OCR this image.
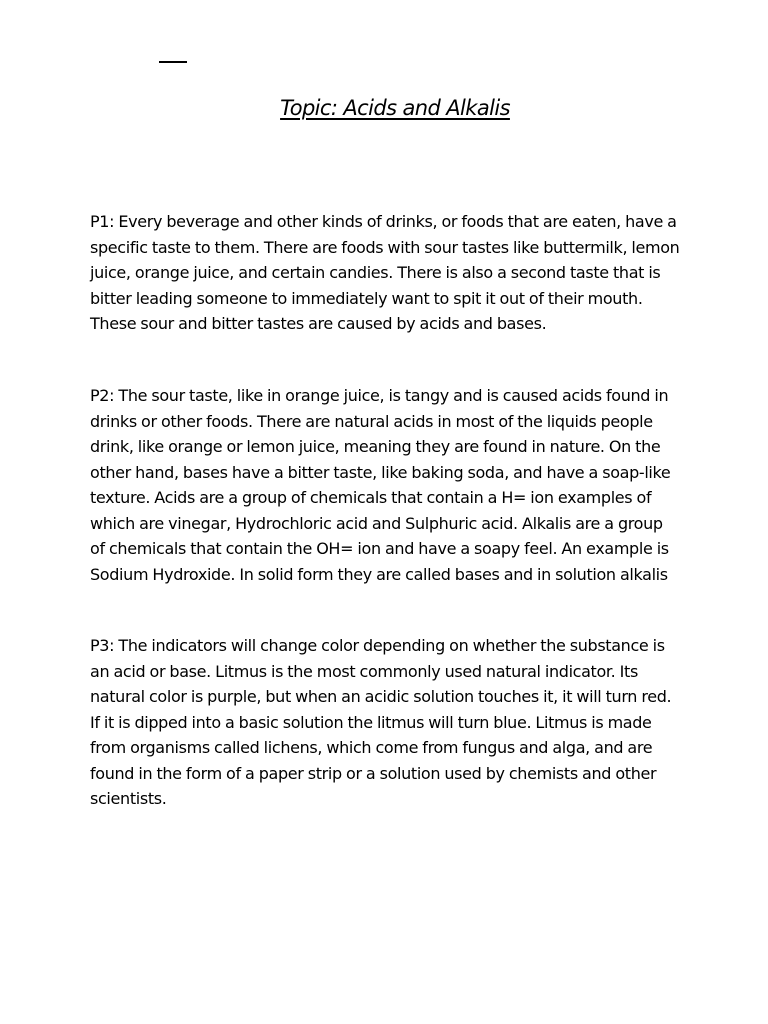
Topic: Acids and Alkalis

P1: Every beverage and other kinds of drinks, or foods that are eaten, have a specific taste to them. There are foods with sour tastes like buttermilk, lemon juice, orange juice, and certain candies. There is also a second taste that is bitter leading someone to immediately want to spit it out of their mouth. These sour and bitter tastes are caused by acids and bases.

P2: The sour taste, like in orange juice, is tangy and is caused acids found in drinks or other foods. There are natural acids in most of the liquids people drink, like orange or lemon juice, meaning they are found in nature. On the other hand, bases have a bitter taste, like baking soda, and have a soap-like texture. Acids are a group of chemicals that contain a H= ion examples of which are vinegar, Hydrochloric acid and Sulphuric acid. Alkalis are a group of chemicals that contain the OH= ion and have a soapy feel. An example is Sodium Hydroxide. In solid form they are called bases and in solution alkalis

P3: The indicators will change color depending on whether the substance is an acid or base. Litmus is the most commonly used natural indicator. Its natural color is purple, but when an acidic solution touches it, it will turn red. If it is dipped into a basic solution the litmus will turn blue. Litmus is made from organisms called lichens, which come from fungus and alga, and are found in the form of a paper strip or a solution used by chemists and other scientists.
